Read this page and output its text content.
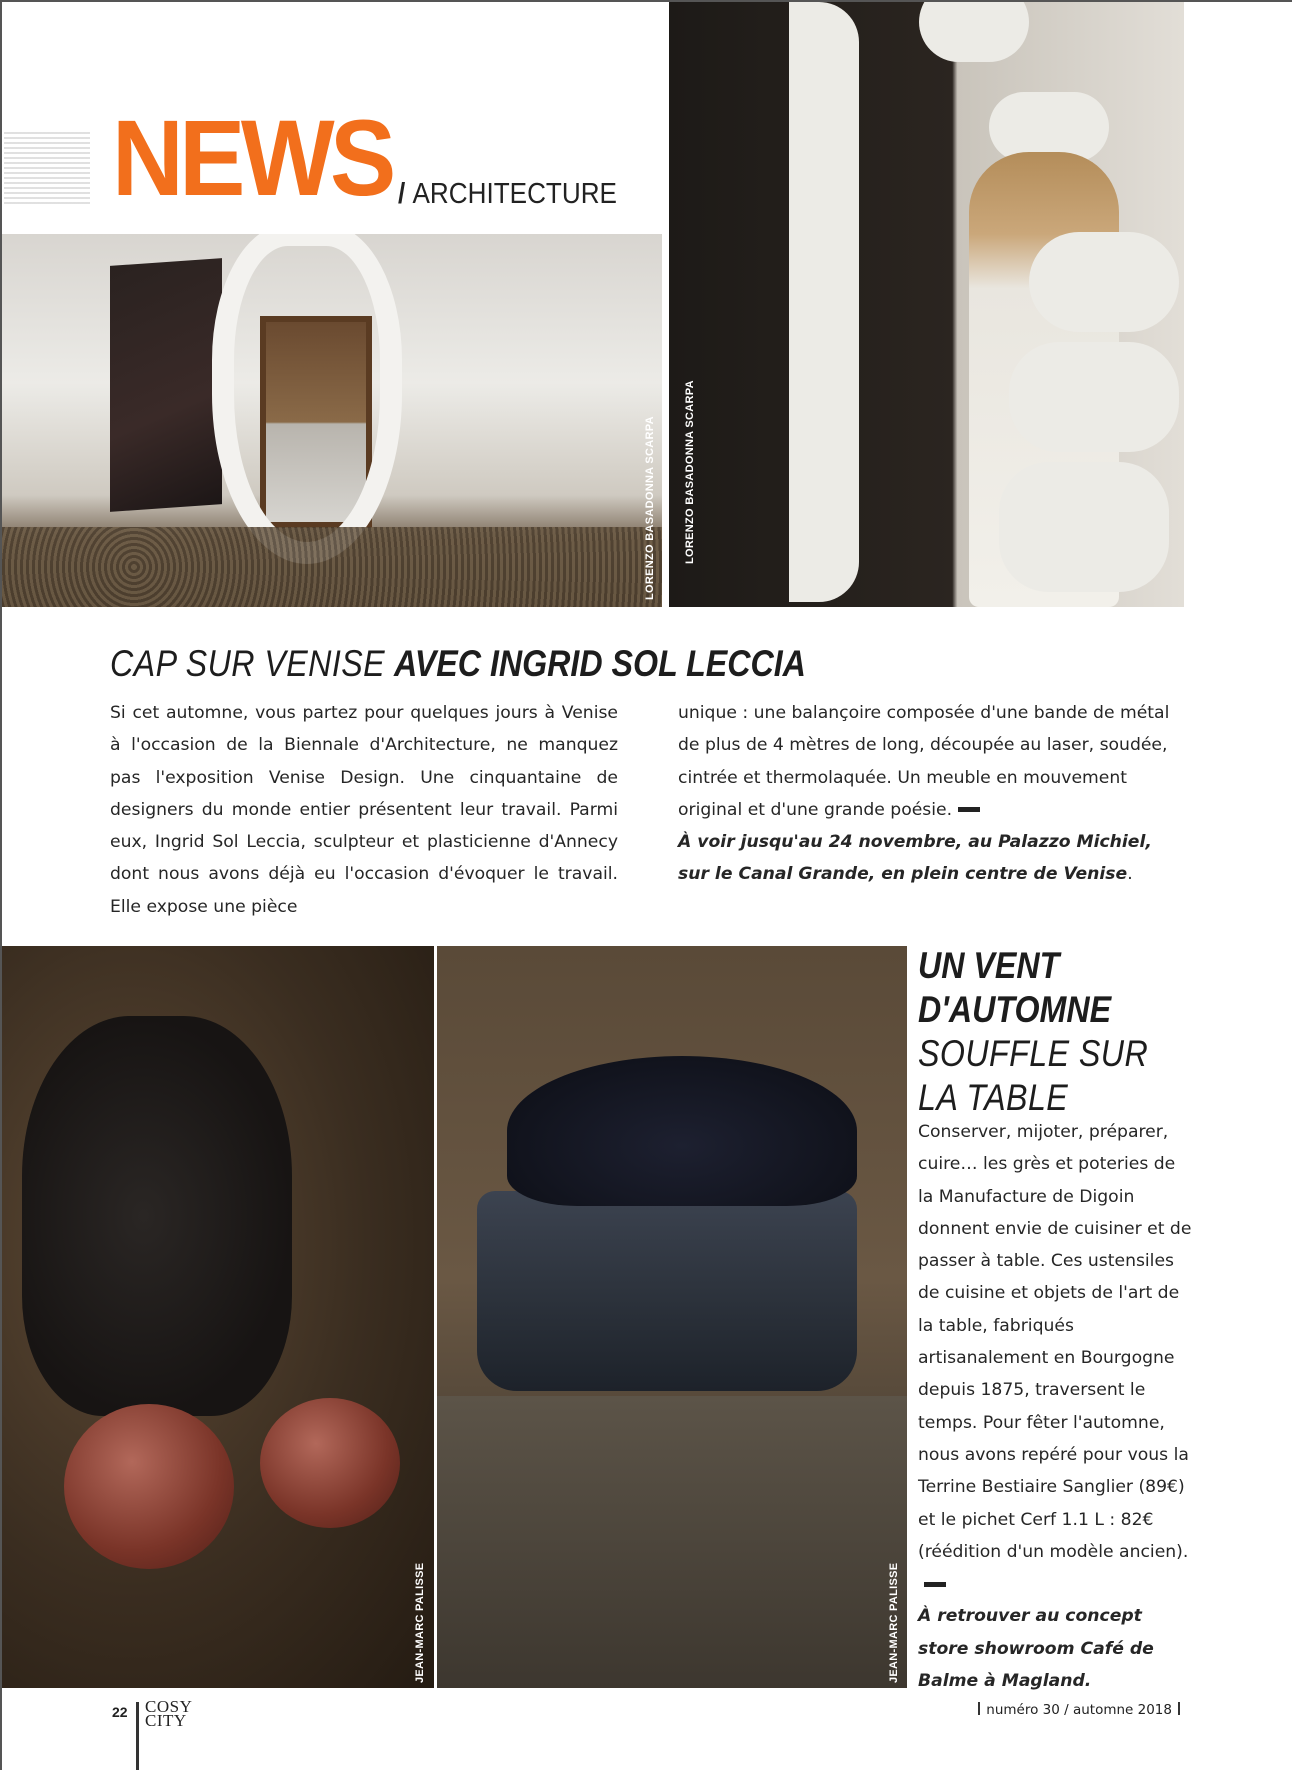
NEWS / ARCHITECTURE
LORENZO BASADONNA SCARPA	LORENZO BASADONNA SCARPA
CAP SUR VENISE AVEC INGRID SOL LECCIA

Si cet automne, vous partez pour quelques jours à Venise à l'occasion de la Biennale d'Architecture, ne manquez pas l'exposition Venise Design. Une cinquantaine de designers du monde entier présentent leur travail. Parmi eux, Ingrid Sol Leccia, sculpteur et plasticienne d'Annecy dont nous avons déjà eu l'occasion d'évoquer le travail. Elle expose une pièce

unique : une balançoire composée d'une bande de métal de plus de 4 mètres de long, découpée au laser, soudée, cintrée et thermolaquée. Un meuble en mouvement original et d'une grande poésie.
À voir jusqu'au 24 novembre, au Palazzo Michiel,
sur le Canal Grande, en plein centre de Venise.
JEAN-MARC PALISSE	JEAN-MARC PALISSE
UN VENT
D'AUTOMNE
SOUFFLE SUR
LA TABLE
Conserver, mijoter, préparer, cuire… les grès et poteries de la Manufacture de Digoin donnent envie de cuisiner et de passer à table. Ces ustensiles de cuisine et objets de l'art de la table, fabriqués artisanalement en Bourgogne depuis 1875, traversent le temps. Pour fêter l'automne, nous avons repéré pour vous la Terrine Bestiaire Sanglier (89€) et le pichet Cerf 1.1 L : 82€ (réédition d'un modèle ancien).
À retrouver au concept store showroom Café de Balme à Magland.
22 COSY
CITY
numéro 30 / automne 2018
